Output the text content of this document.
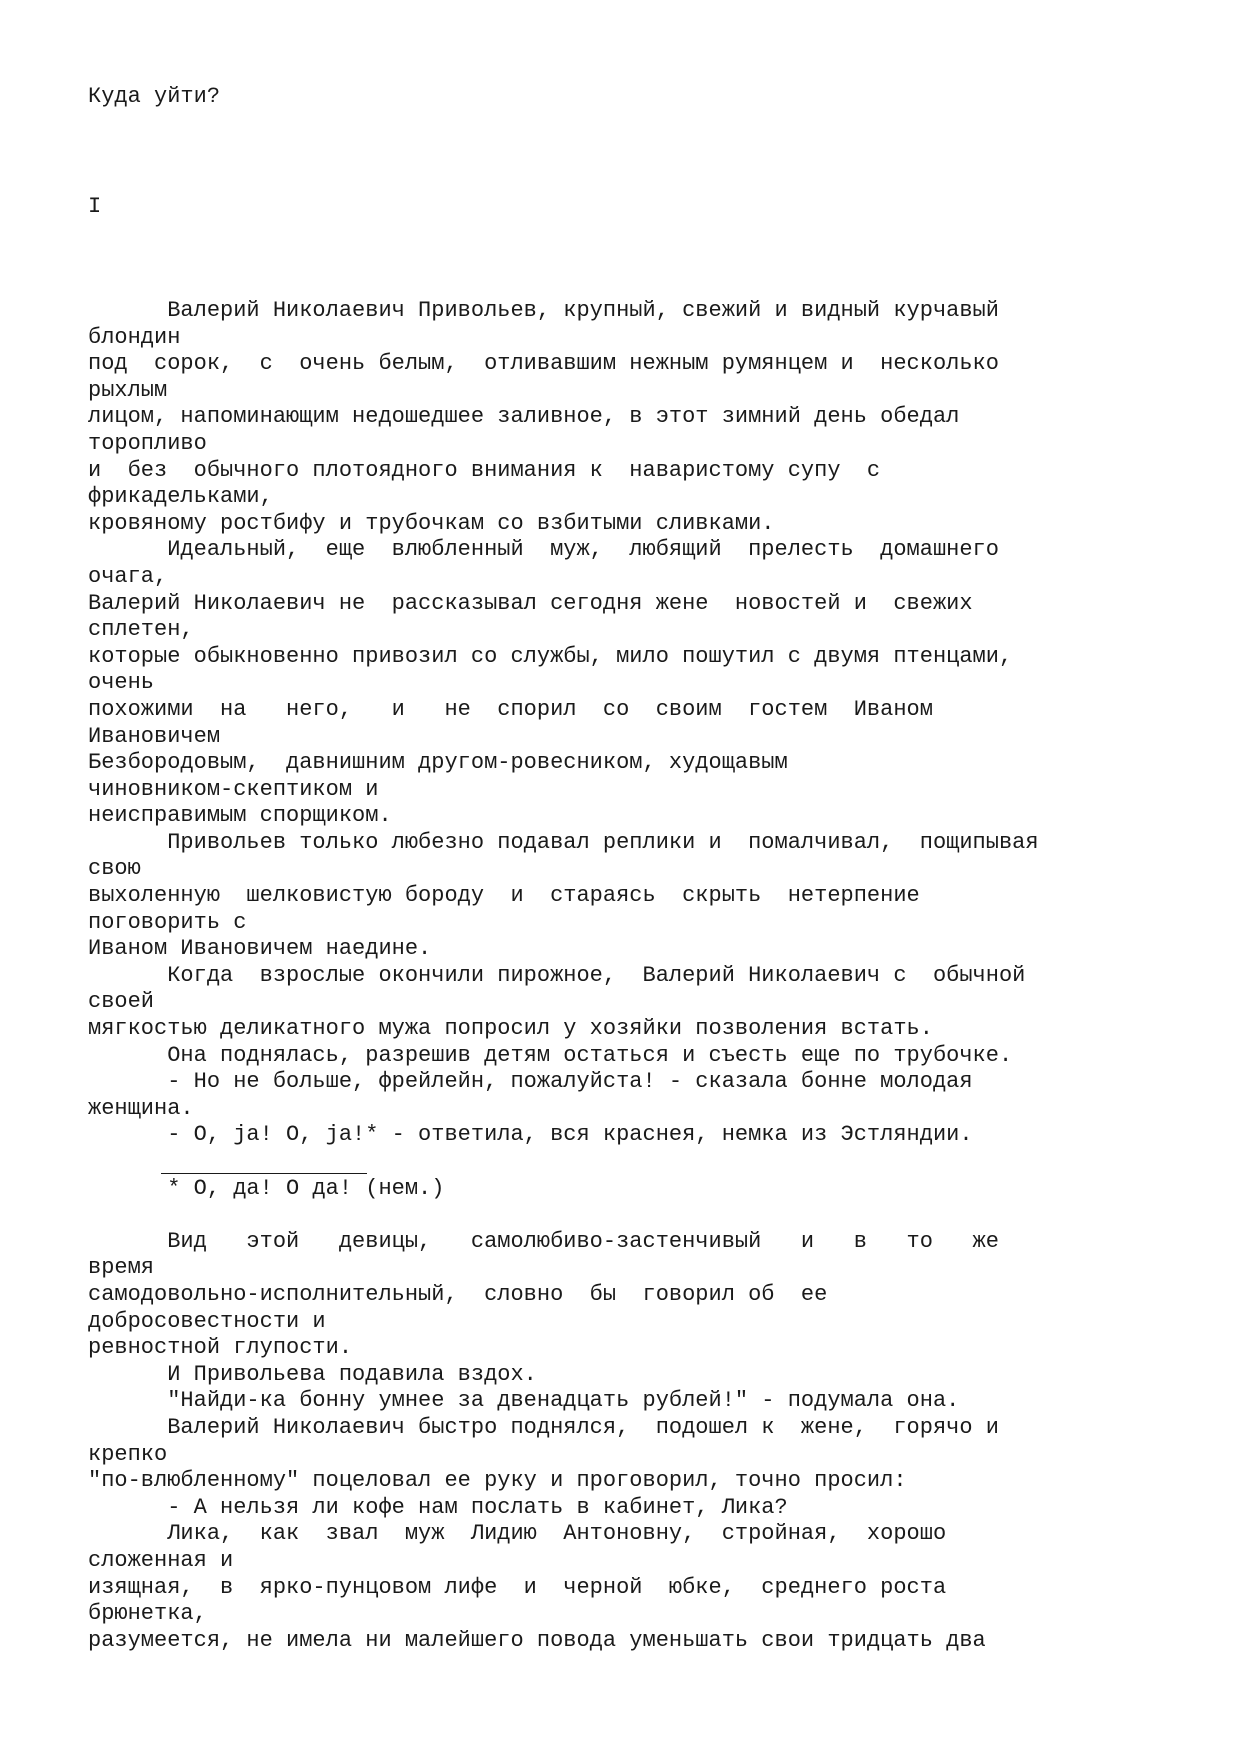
Куда уйти?
I
Валерий Николаевич Привольев, крупный, свежий и видный курчавый
блондин
под  сорок,  с  очень белым,  отливавшим нежным румянцем и  несколько
рыхлым
лицом, напоминающим недошедшее заливное, в этот зимний день обедал
торопливо
и  без  обычного плотоядного внимания к  наваристому супу  с
фрикадельками,
кровяному ростбифу и трубочкам со взбитыми сливками.
Идеальный,  еще  влюбленный  муж,  любящий  прелесть  домашнего
очага,
Валерий Николаевич не  рассказывал сегодня жене  новостей и  свежих
сплетен,
которые обыкновенно привозил со службы, мило пошутил с двумя птенцами,
очень
похожими  на   него,   и   не  спорил  со  своим  гостем  Иваном
Ивановичем
Безбородовым,  давнишним другом-ровесником, худощавым
чиновником-скептиком и
неисправимым спорщиком.
Привольев только любезно подавал реплики и  помалчивал,  пощипывая
свою
выхоленную  шелковистую бороду  и  стараясь  скрыть  нетерпение
поговорить с
Иваном Ивановичем наедине.
Когда  взрослые окончили пирожное,  Валерий Николаевич с  обычной
своей
мягкостью деликатного мужа попросил у хозяйки позволения встать.
Она поднялась, разрешив детям остаться и съесть еще по трубочке.
- Но не больше, фрейлейн, пожалуйста! - сказала бонне молодая
женщина.
- O, ja! O, ja!* - ответила, вся краснея, немка из Эстляндии.
* О, да! О да! (нем.)
Вид   этой   девицы,   самолюбиво-застенчивый   и   в   то   же
время
самодовольно-исполнительный,  словно  бы  говорил об  ее
добросовестности и
ревностной глупости.
И Привольева подавила вздох.
"Найди-ка бонну умнее за двенадцать рублей!" - подумала она.
Валерий Николаевич быстро поднялся,  подошел к  жене,  горячо и
крепко
"по-влюбленному" поцеловал ее руку и проговорил, точно просил:
- А нельзя ли кофе нам послать в кабинет, Лика?
Лика,  как  звал  муж  Лидию  Антоновну,  стройная,  хорошо
сложенная и
изящная,  в  ярко-пунцовом лифе  и  черной  юбке,  среднего роста
брюнетка,
разумеется, не имела ни малейшего повода уменьшать свои тридцать два
